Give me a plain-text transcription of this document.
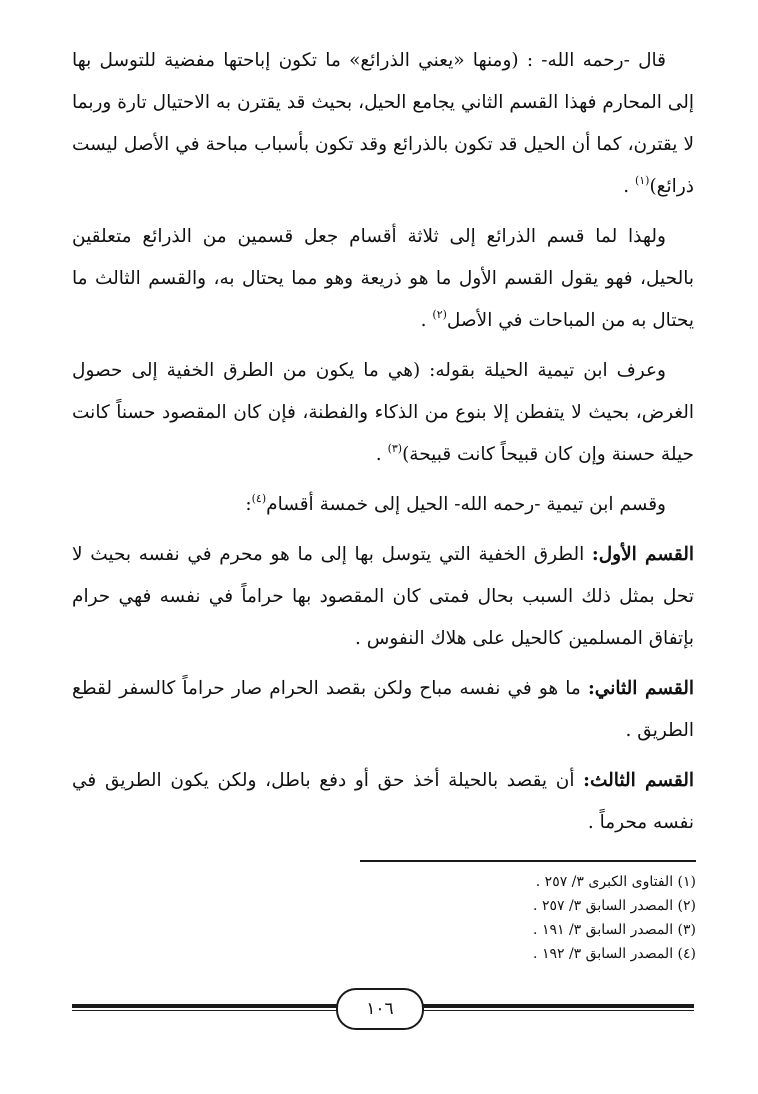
قال -رحمه الله- : (ومنها «يعني الذرائع» ما تكون إباحتها مفضية للتوسل بها إلى المحارم فهذا القسم الثاني يجامع الحيل، بحيث قد يقترن به الاحتيال تارة وربما لا يقترن، كما أن الحيل قد تكون بالذرائع وقد تكون بأسباب مباحة في الأصل ليست ذرائع)$^{(١)}$ .

ولهذا لما قسم الذرائع إلى ثلاثة أقسام جعل قسمين من الذرائع متعلقين بالحيل، فهو يقول القسم الأول ما هو ذريعة وهو مما يحتال به، والقسم الثالث ما يحتال به من المباحات في الأصل$^{(٢)}$ .

وعرف ابن تيمية الحيلة بقوله: (هي ما يكون من الطرق الخفية إلى حصول الغرض، بحيث لا يتفطن إلا بنوع من الذكاء والفطنة، فإن كان المقصود حسناً كانت حيلة حسنة وإن كان قبيحاً كانت قبيحة)$^{(٣)}$ .

وقسم ابن تيمية -رحمه الله- الحيل إلى خمسة أقسام$^{(٤)}$:

القسم الأول: الطرق الخفية التي يتوسل بها إلى ما هو محرم في نفسه بحيث لا تحل بمثل ذلك السبب بحال فمتى كان المقصود بها حراماً في نفسه فهي حرام بإتفاق المسلمين كالحيل على هلاك النفوس .

القسم الثاني: ما هو في نفسه مباح ولكن بقصد الحرام صار حراماً كالسفر لقطع الطريق .

القسم الثالث: أن يقصد بالحيلة أخذ حق أو دفع باطل، ولكن يكون الطريق في نفسه محرماً .

(١) الفتاوى الكبرى ٣/ ٢٥٧ .

(٢) المصدر السابق ٣/ ٢٥٧ .

(٣) المصدر السابق ٣/ ١٩١ .

(٤) المصدر السابق ٣/ ١٩٢ .

١٠٦
